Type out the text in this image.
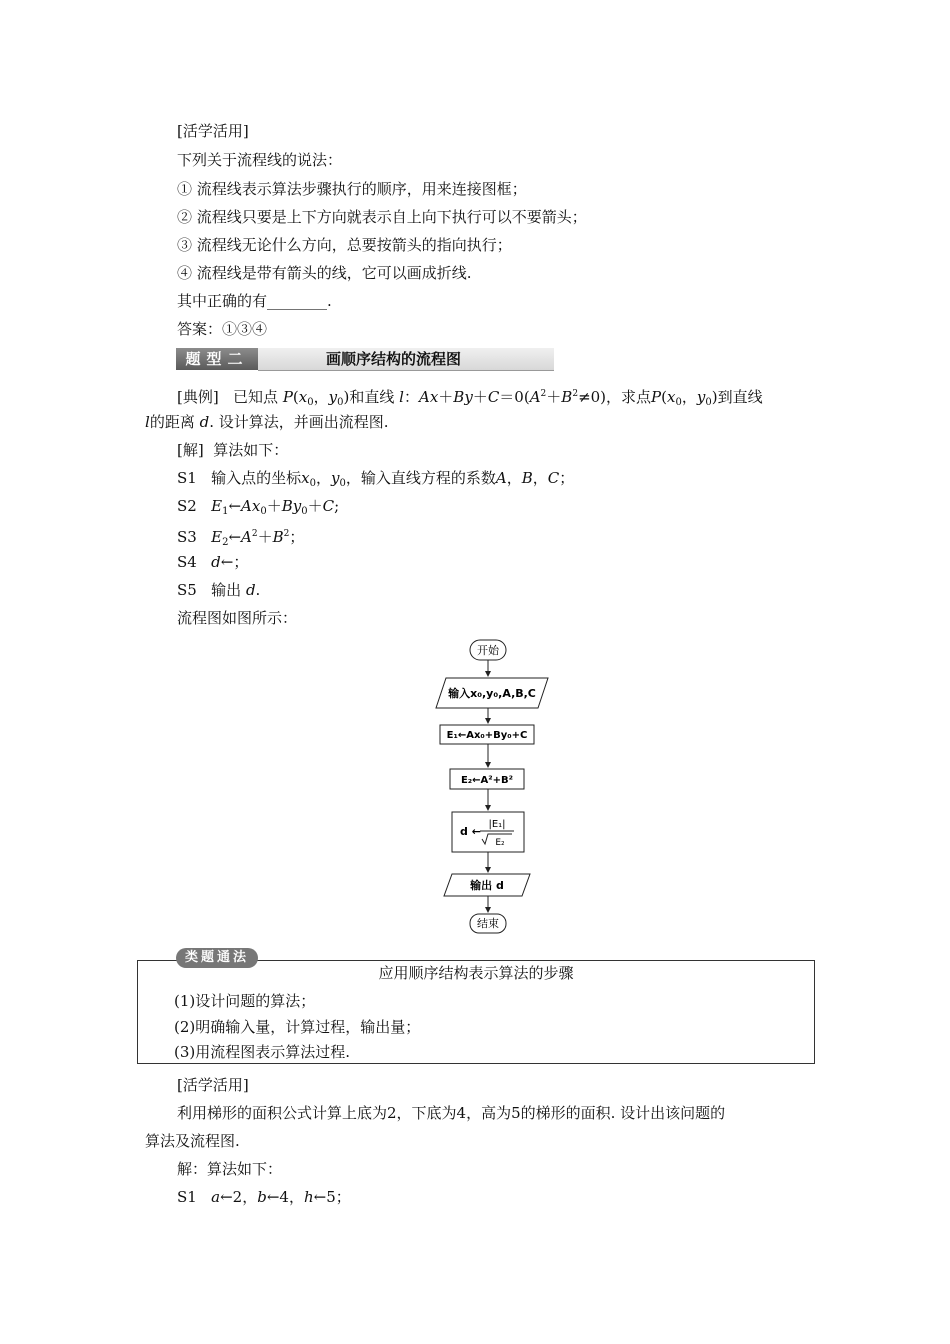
[活学活用]
下列关于流程线的说法：
① 流程线表示算法步骤执行的顺序，用来连接图框；
② 流程线只要是上下方向就表示自上向下执行可以不要箭头；
③ 流程线无论什么方向，总要按箭头的指向执行；
④ 流程线是带有箭头的线，它可以画成折线.
其中正确的有________.
答案：①③④
题型二	画顺序结构的流程图
[典例] 已知点 $P(x_0$，$y_0$)和直线 l：$Ax+By+C=0(A^2+B^2\ne 0)$，求点$P(x_0$，$y_0$)到直线
l的距离 d. 设计算法，并画出流程图.
[解] 算法如下：
S1 输入点的坐标$x_0$，$y_0$，输入直线方程的系数A，B，C；
S2 $E_1\leftarrow Ax_0+By_0+C$;
S3 $E_2\leftarrow A^2+B^2$；
S4 d←；
S5 输出 d.
流程图如图所示：
开始
输入x₀,y₀,A,B,C
E₁←Ax₀+By₀+C
E₂←A²+B²
d ←
|E₁|
E₂
输出 d
结束
应用顺序结构表示算法的步骤
(1)设计问题的算法；
(2)明确输入量，计算过程，输出量；
(3)用流程图表示算法过程.
类题通法
[活学活用]
利用梯形的面积公式计算上底为2，下底为4，高为5的梯形的面积. 设计出该问题的
算法及流程图.
解：算法如下：
S1 a←2，b←4，h←5；
